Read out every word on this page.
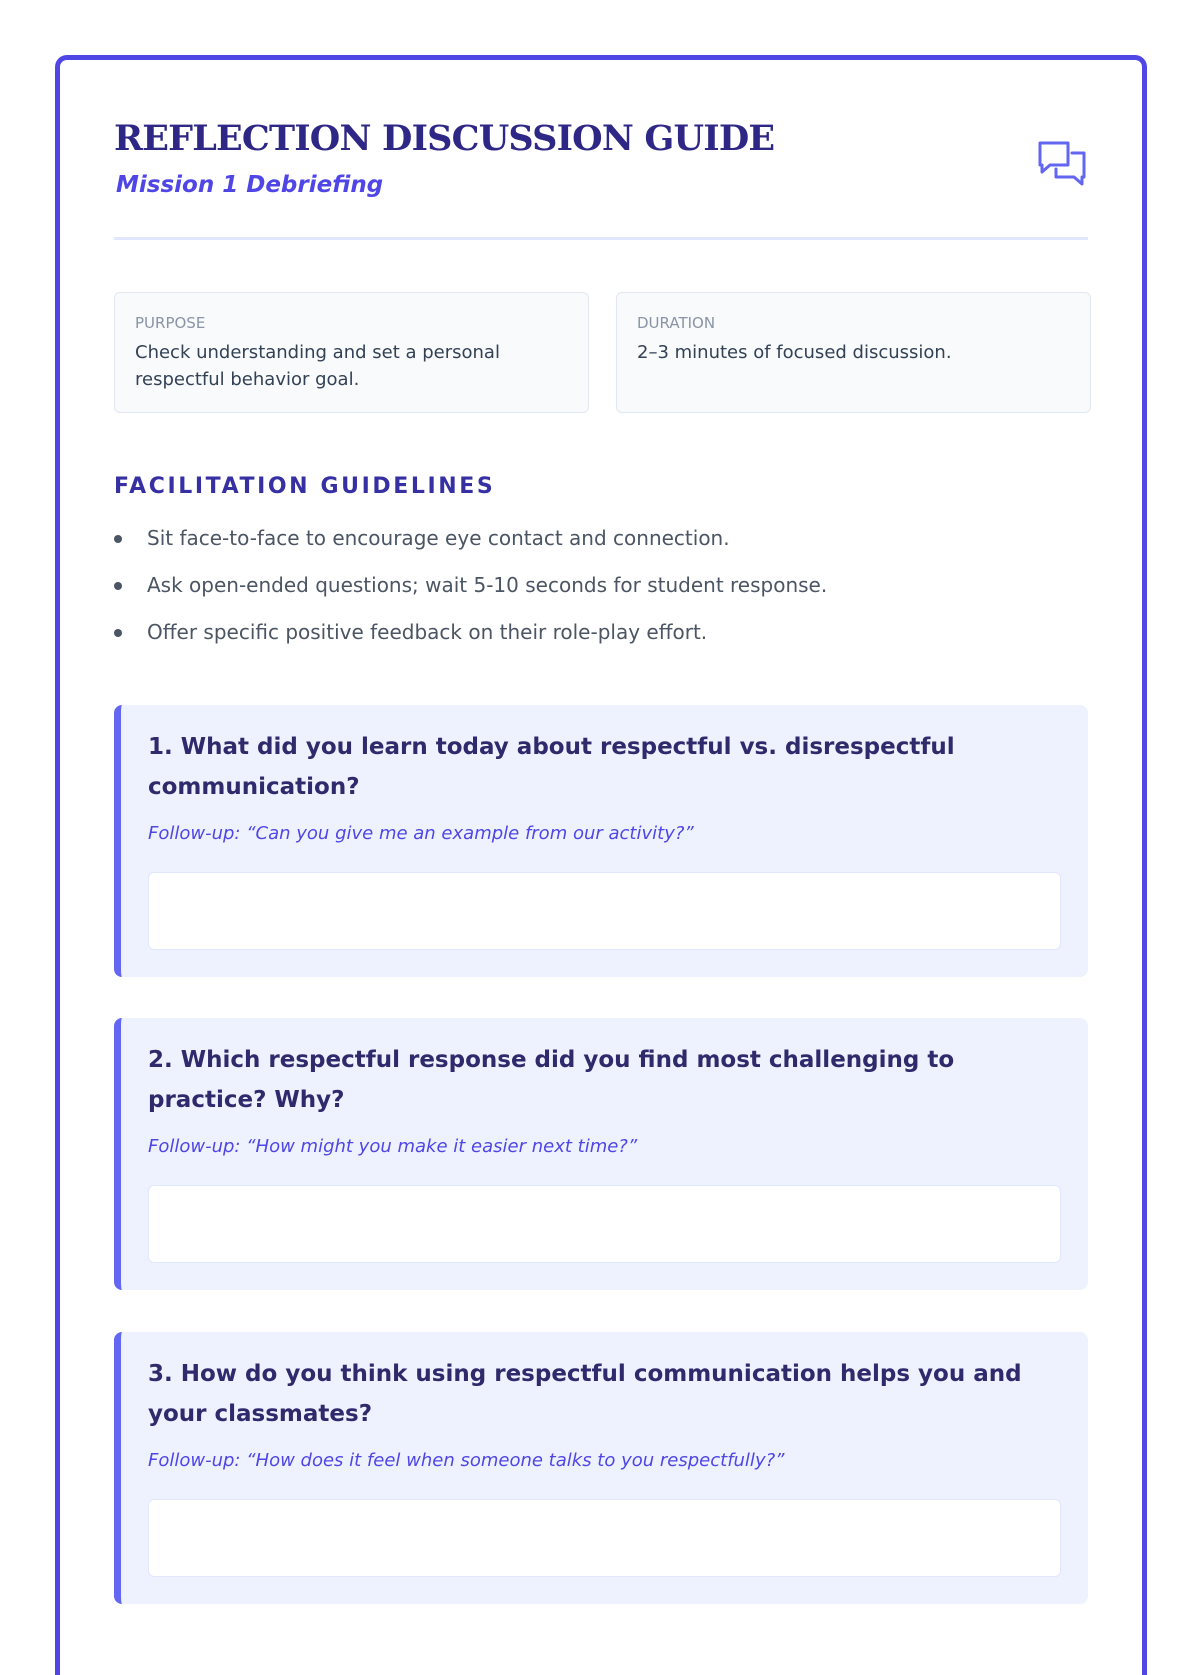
REFLECTION DISCUSSION GUIDE
Mission 1 Debriefing
PURPOSE
Check understanding and set a personal respectful behavior goal.
DURATION
2–3 minutes of focused discussion.
FACILITATION GUIDELINES
Sit face-to-face to encourage eye contact and connection.
Ask open-ended questions; wait 5-10 seconds for student response.
Offer specific positive feedback on their role-play effort.
1. What did you learn today about respectful vs. disrespectful communication?
Follow-up: “Can you give me an example from our activity?”
2. Which respectful response did you find most challenging to practice? Why?
Follow-up: “How might you make it easier next time?”
3. How do you think using respectful communication helps you and your classmates?
Follow-up: “How does it feel when someone talks to you respectfully?”
